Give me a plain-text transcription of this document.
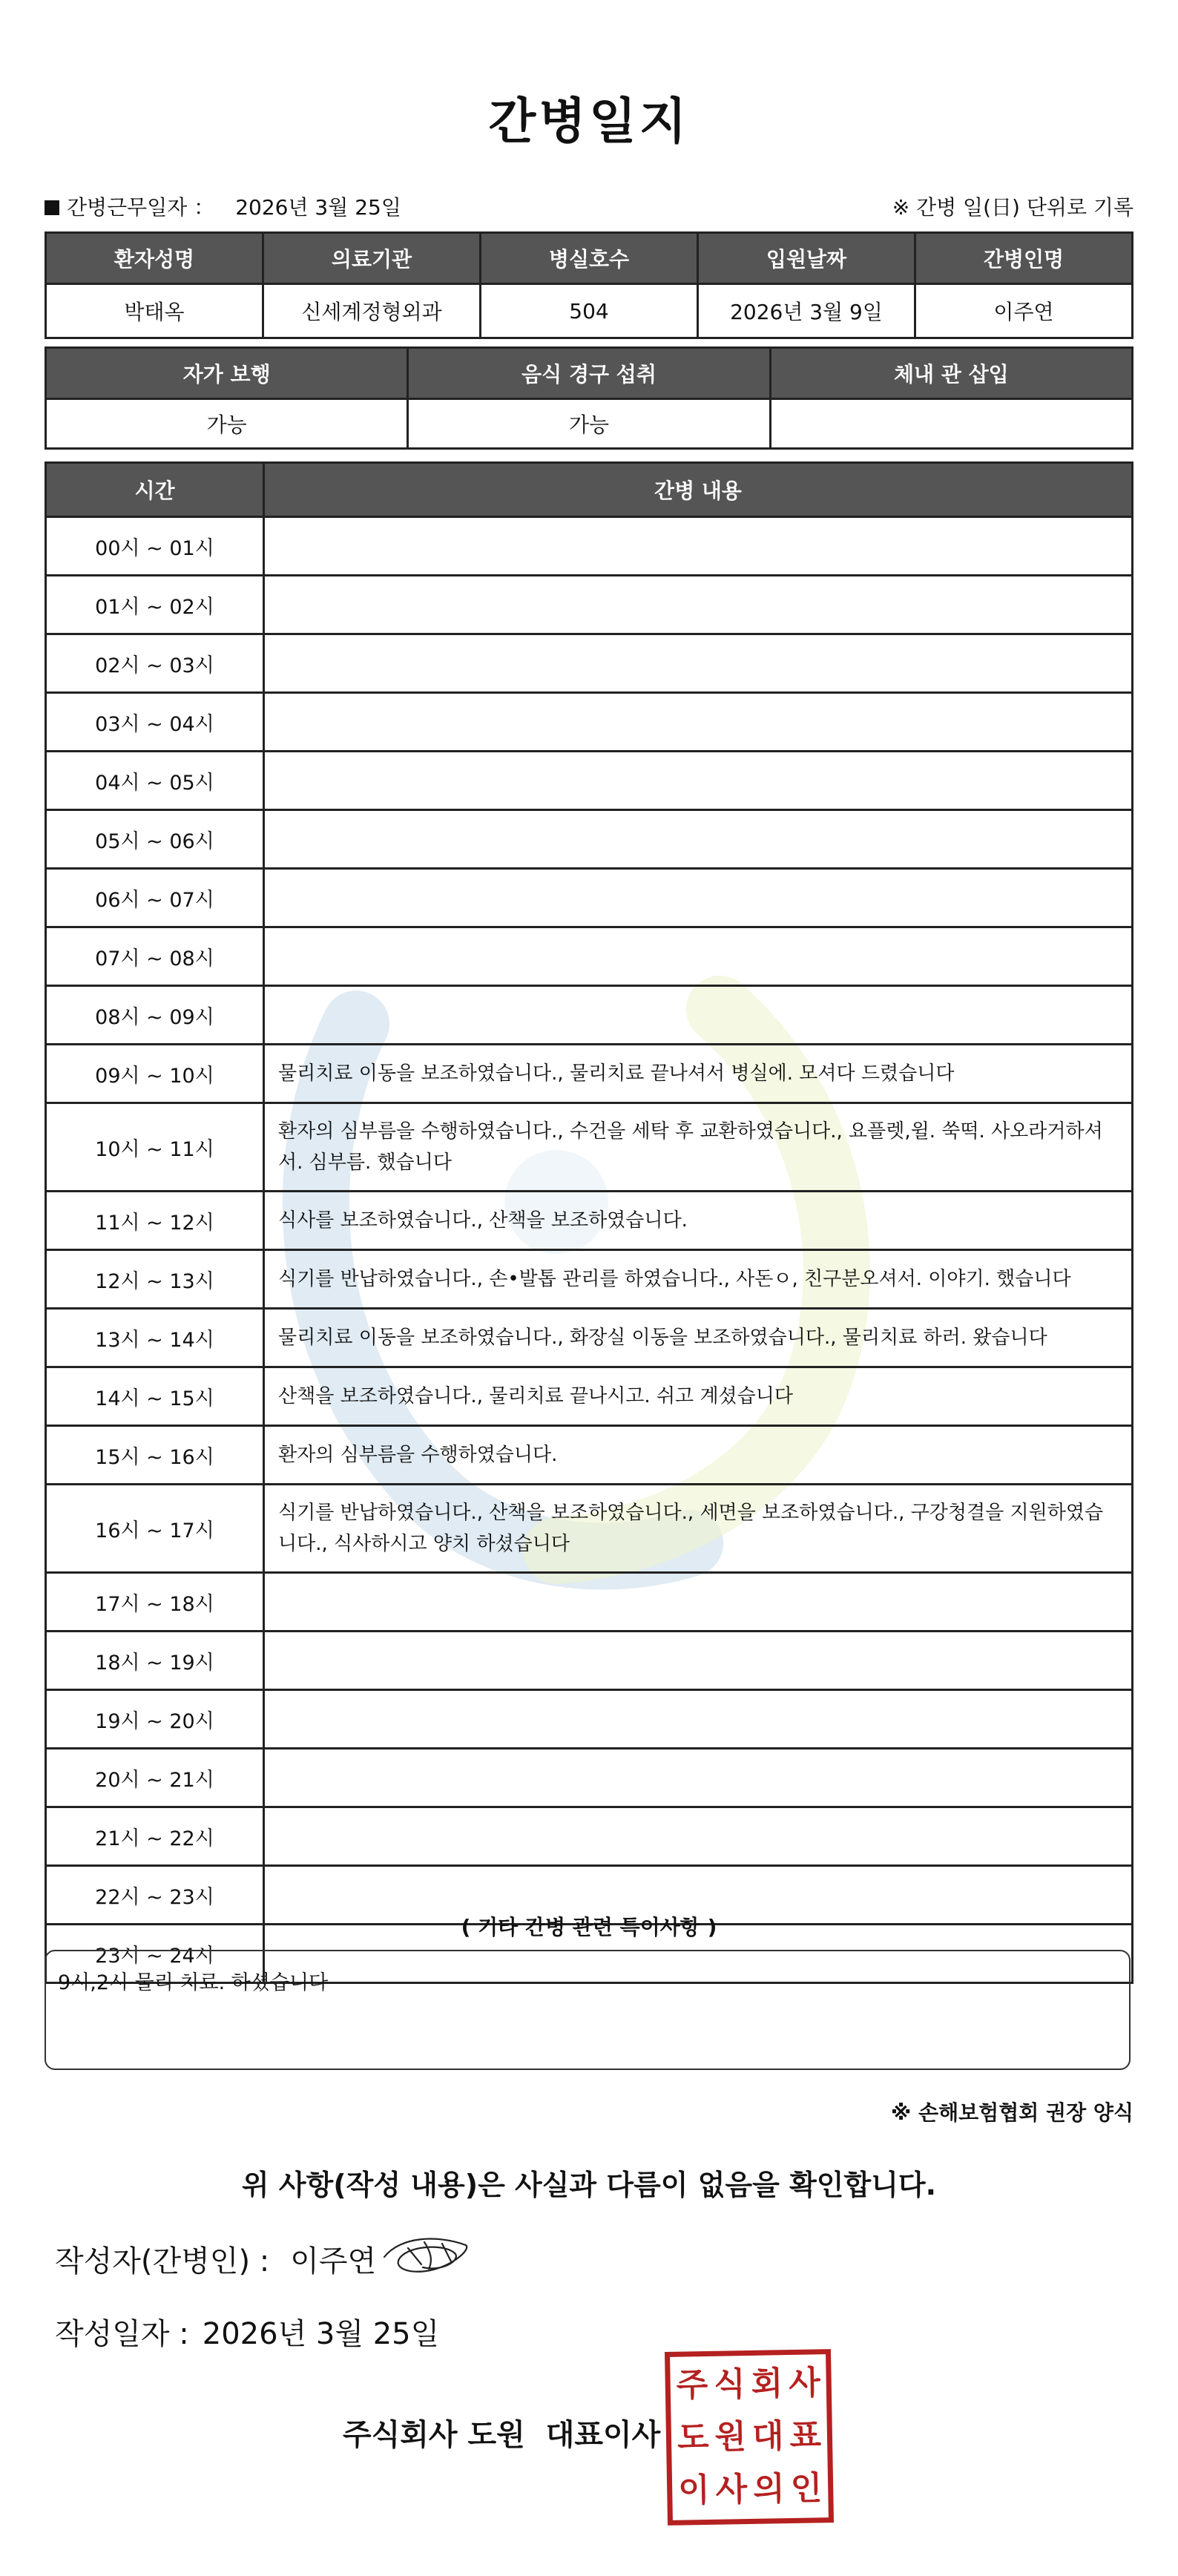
간병일지
간병근무일자 ： 2026년 3월 25일	※ 간병 일(日) 단위로 기록
환자성명	의료기관	병실호수	입원날짜	간병인명
박태옥	신세계정형외과	504	2026년 3월 9일	이주연
자가 보행	음식 경구 섭취	체내 관 삽입
가능	가능	
시간	간병 내용
00시 ~ 01시	
01시 ~ 02시	
02시 ~ 03시	
03시 ~ 04시	
04시 ~ 05시	
05시 ~ 06시	
06시 ~ 07시	
07시 ~ 08시	
08시 ~ 09시	
09시 ~ 10시	물리치료 이동을 보조하였습니다., 물리치료 끝나셔서 병실에. 모셔다 드렸습니다
10시 ~ 11시	환자의 심부름을 수행하였습니다., 수건을 세탁 후 교환하였습니다., 요플렛,윌. 쑥떡. 사오라거하셔서. 심부름. 했습니다
11시 ~ 12시	식사를 보조하였습니다., 산책을 보조하였습니다.
12시 ~ 13시	식기를 반납하였습니다., 손•발톱 관리를 하였습니다., 사돈ㅇ, 친구분오셔서. 이야기. 했습니다
13시 ~ 14시	물리치료 이동을 보조하였습니다., 화장실 이동을 보조하였습니다., 물리치료 하러. 왔습니다
14시 ~ 15시	산책을 보조하였습니다., 물리치료 끝나시고. 쉬고 계셨습니다
15시 ~ 16시	환자의 심부름을 수행하였습니다.
16시 ~ 17시	식기를 반납하였습니다., 산책을 보조하였습니다., 세면을 보조하였습니다., 구강청결을 지원하였습니다., 식사하시고 양치 하셨습니다
17시 ~ 18시	
18시 ~ 19시	
19시 ~ 20시	
20시 ~ 21시	
21시 ~ 22시	
22시 ~ 23시	
23시 ~ 24시	
( 기타 간병 관련 특이사항 )
9시,2시 물리 치료. 하셨습니다
※ 손해보험협회 권장 양식
위 사항(작성 내용)은 사실과 다름이 없음을 확인합니다.
작성자(간병인) : 이주연
작성일자 : 2026년 3월 25일
주식회사 도원 대표이사
주 식 회 사
도 원 대 표
이 사 의 인
